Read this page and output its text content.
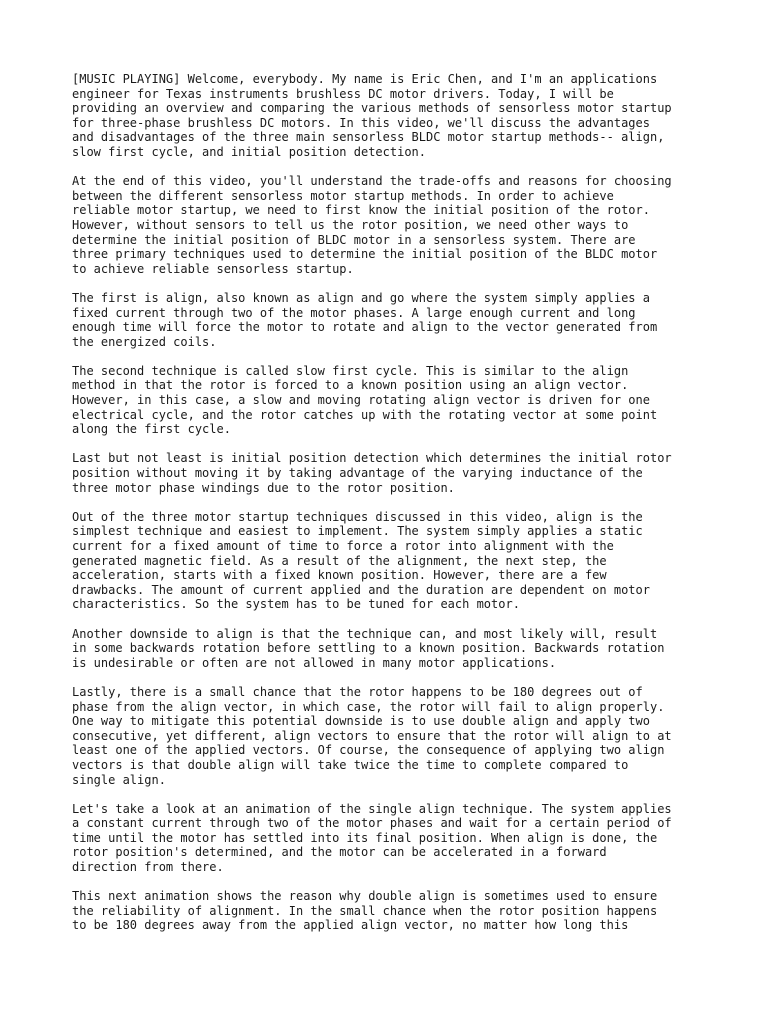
[MUSIC PLAYING] Welcome, everybody. My name is Eric Chen, and I'm an applications
engineer for Texas instruments brushless DC motor drivers. Today, I will be
providing an overview and comparing the various methods of sensorless motor startup
for three-phase brushless DC motors. In this video, we'll discuss the advantages
and disadvantages of the three main sensorless BLDC motor startup methods-- align,
slow first cycle, and initial position detection.
At the end of this video, you'll understand the trade-offs and reasons for choosing
between the different sensorless motor startup methods. In order to achieve
reliable motor startup, we need to first know the initial position of the rotor.
However, without sensors to tell us the rotor position, we need other ways to
determine the initial position of BLDC motor in a sensorless system. There are
three primary techniques used to determine the initial position of the BLDC motor
to achieve reliable sensorless startup.
The first is align, also known as align and go where the system simply applies a
fixed current through two of the motor phases. A large enough current and long
enough time will force the motor to rotate and align to the vector generated from
the energized coils.
The second technique is called slow first cycle. This is similar to the align
method in that the rotor is forced to a known position using an align vector.
However, in this case, a slow and moving rotating align vector is driven for one
electrical cycle, and the rotor catches up with the rotating vector at some point
along the first cycle.
Last but not least is initial position detection which determines the initial rotor
position without moving it by taking advantage of the varying inductance of the
three motor phase windings due to the rotor position.
Out of the three motor startup techniques discussed in this video, align is the
simplest technique and easiest to implement. The system simply applies a static
current for a fixed amount of time to force a rotor into alignment with the
generated magnetic field. As a result of the alignment, the next step, the
acceleration, starts with a fixed known position. However, there are a few
drawbacks. The amount of current applied and the duration are dependent on motor
characteristics. So the system has to be tuned for each motor.
Another downside to align is that the technique can, and most likely will, result
in some backwards rotation before settling to a known position. Backwards rotation
is undesirable or often are not allowed in many motor applications.
Lastly, there is a small chance that the rotor happens to be 180 degrees out of
phase from the align vector, in which case, the rotor will fail to align properly.
One way to mitigate this potential downside is to use double align and apply two
consecutive, yet different, align vectors to ensure that the rotor will align to at
least one of the applied vectors. Of course, the consequence of applying two align
vectors is that double align will take twice the time to complete compared to
single align.
Let's take a look at an animation of the single align technique. The system applies
a constant current through two of the motor phases and wait for a certain period of
time until the motor has settled into its final position. When align is done, the
rotor position's determined, and the motor can be accelerated in a forward
direction from there.
This next animation shows the reason why double align is sometimes used to ensure
the reliability of alignment. In the small chance when the rotor position happens
to be 180 degrees away from the applied align vector, no matter how long this
